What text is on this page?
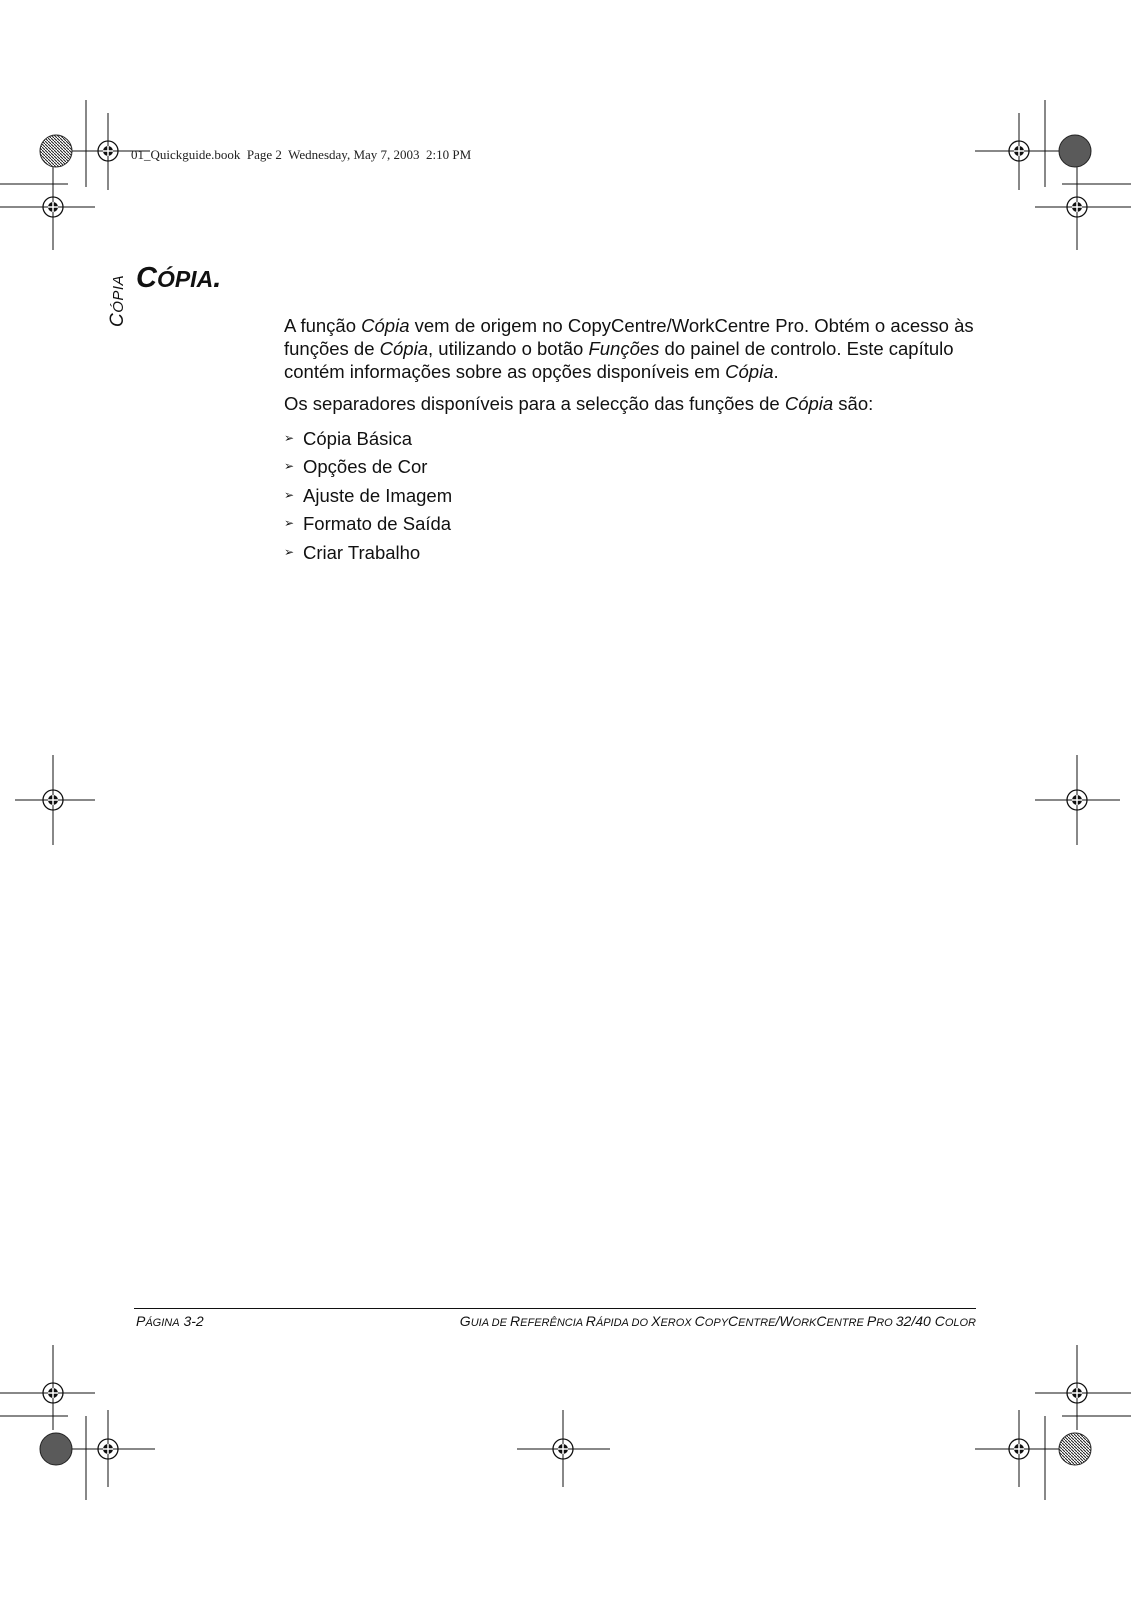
01_Quickguide.book  Page 2  Wednesday, May 7, 2003  2:10 PM
CÓPIA CÓPIA.

A função Cópia vem de origem no CopyCentre/WorkCentre Pro. Obtém o acesso às funções de Cópia, utilizando o botão Funções do painel de controlo. Este capítulo contém informações sobre as opções disponíveis em Cópia.

Os separadores disponíveis para a selecção das funções de Cópia são:

➢ Cópia Básica
➢ Opções de Cor
➢ Ajuste de Imagem
➢ Formato de Saída
➢ Criar Trabalho
PÁGINA 3-2	GUIA DE REFERÊNCIA RÁPIDA DO XEROX COPYCENTRE/WORKCENTRE PRO 32/40 COLOR
